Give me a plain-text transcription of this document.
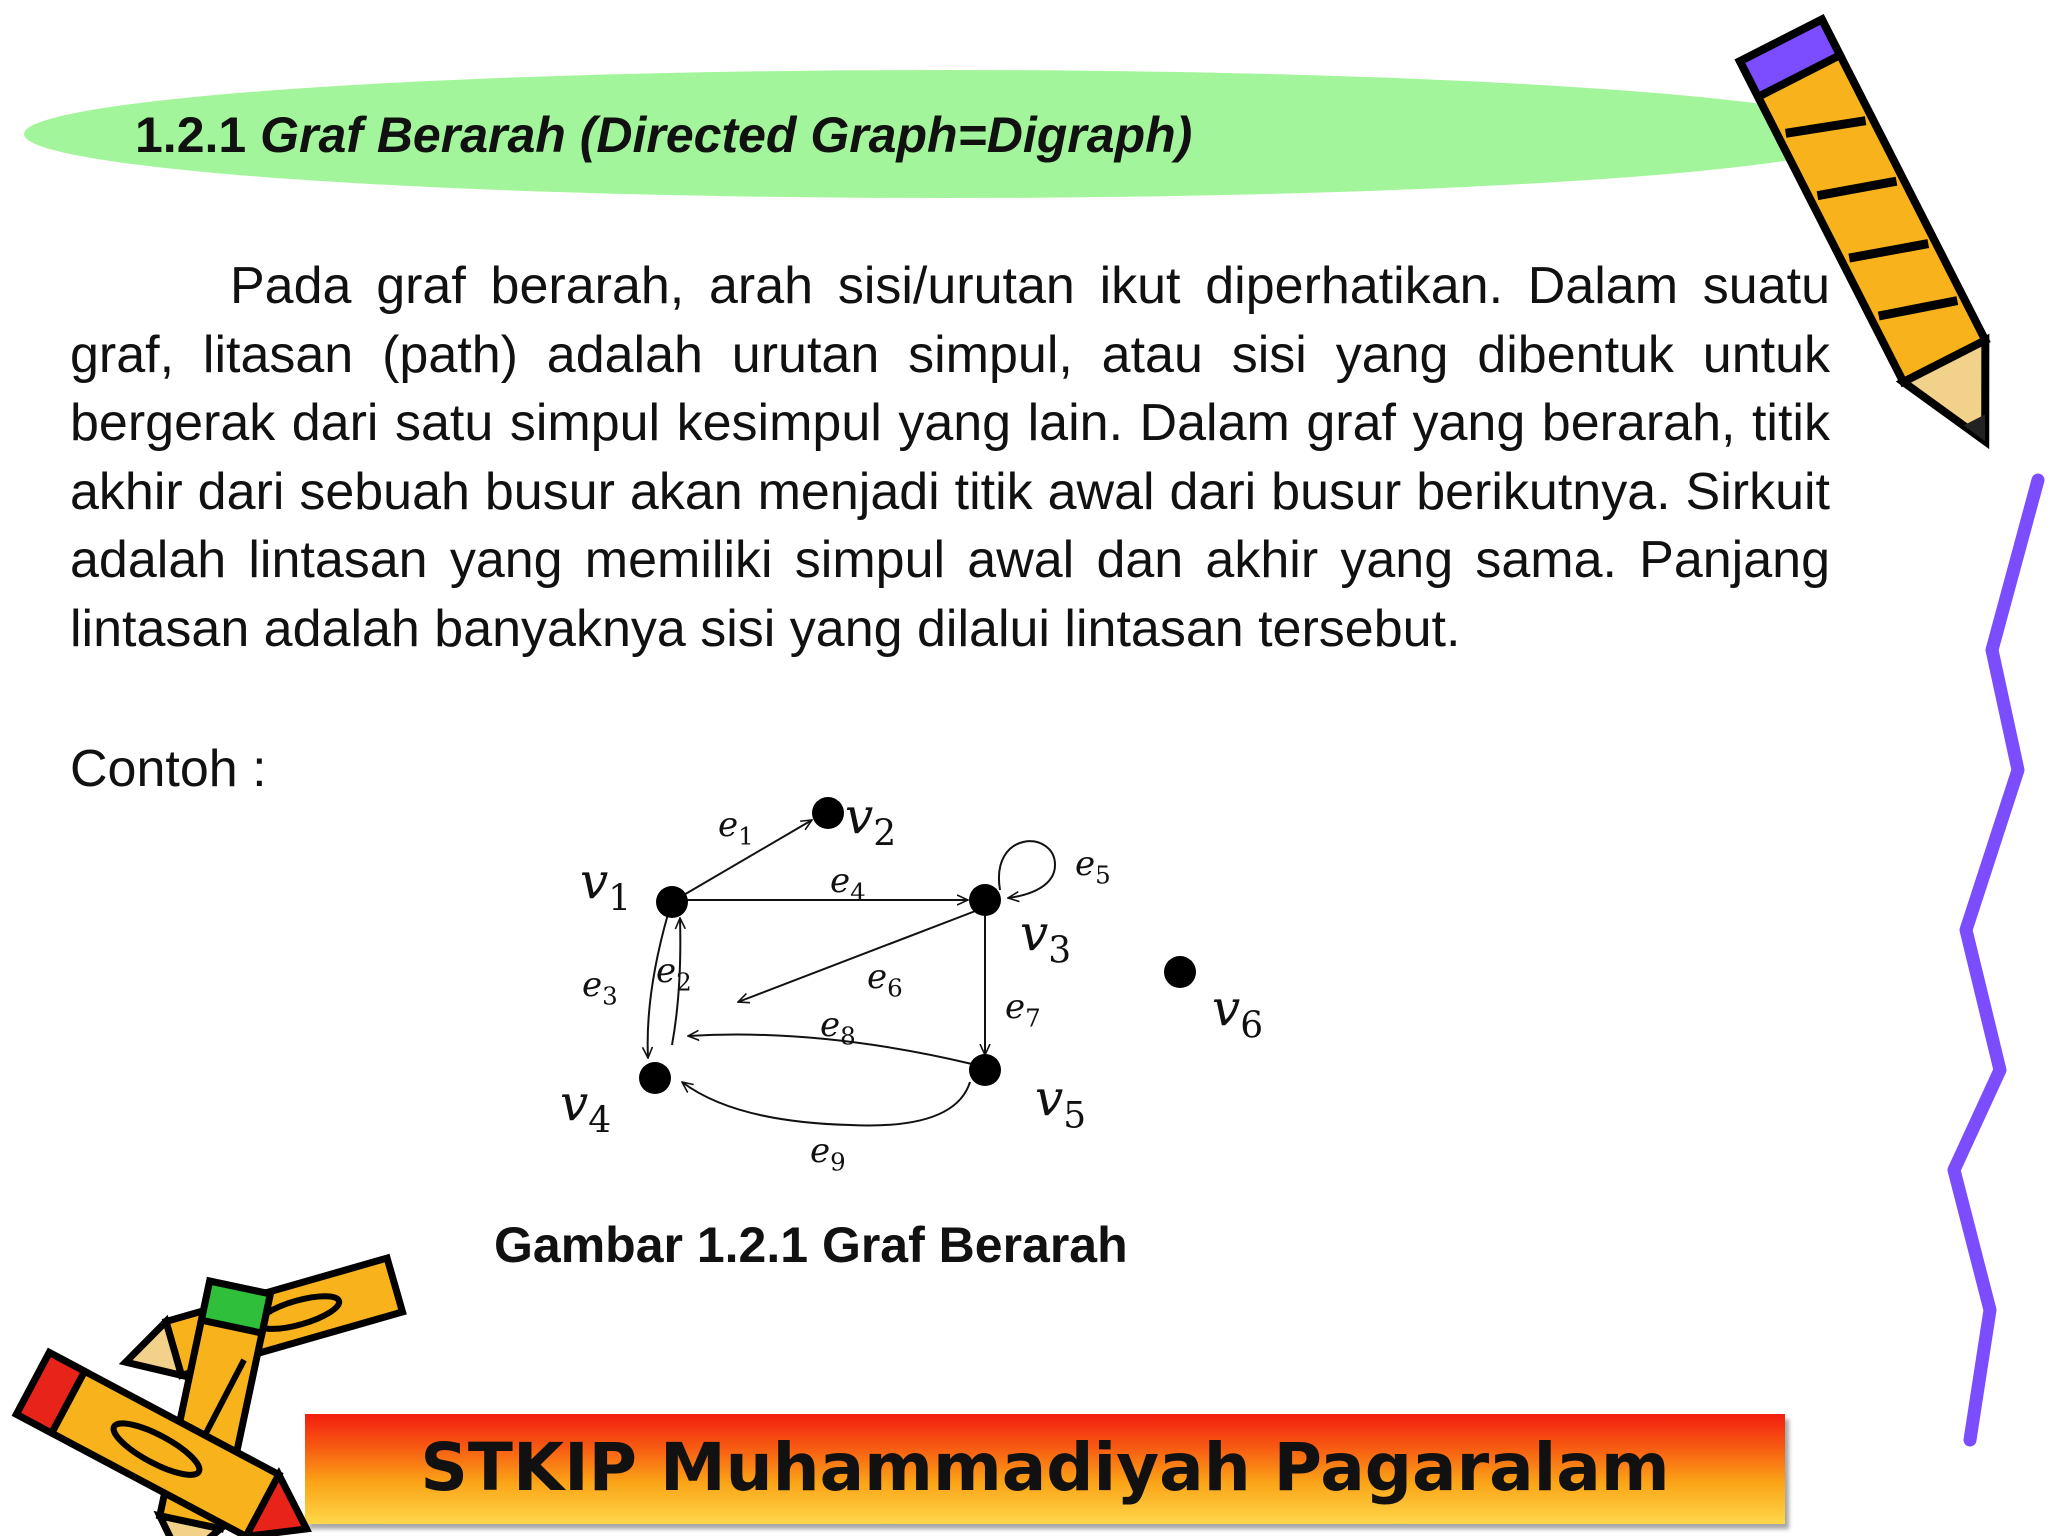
1.2.1 Graf Berarah (Directed Graph=Digraph)

Pada graf berarah, arah sisi/urutan ikut diperhatikan. Dalam suatu graf, litasan (path) adalah urutan simpul, atau sisi yang dibentuk untuk bergerak dari satu simpul kesimpul yang lain. Dalam graf yang berarah, titik akhir dari sebuah busur akan menjadi titik awal dari busur berikutnya. Sirkuit adalah lintasan yang memiliki simpul awal dan akhir yang sama. Panjang lintasan adalah banyaknya sisi yang dilalui lintasan tersebut.

Contoh :

$e_1$
$e_2$
$e_3$
$e_4$
$e_5$
$e_6$	$e_7$
$e_8$
$e_9$
$v_1$
$v_2$
$v_3$
$v_4$	$v_5$
$v_6$

Gambar 1.2.1 Graf Berarah

STKIP Muhammadiyah Pagaralam
